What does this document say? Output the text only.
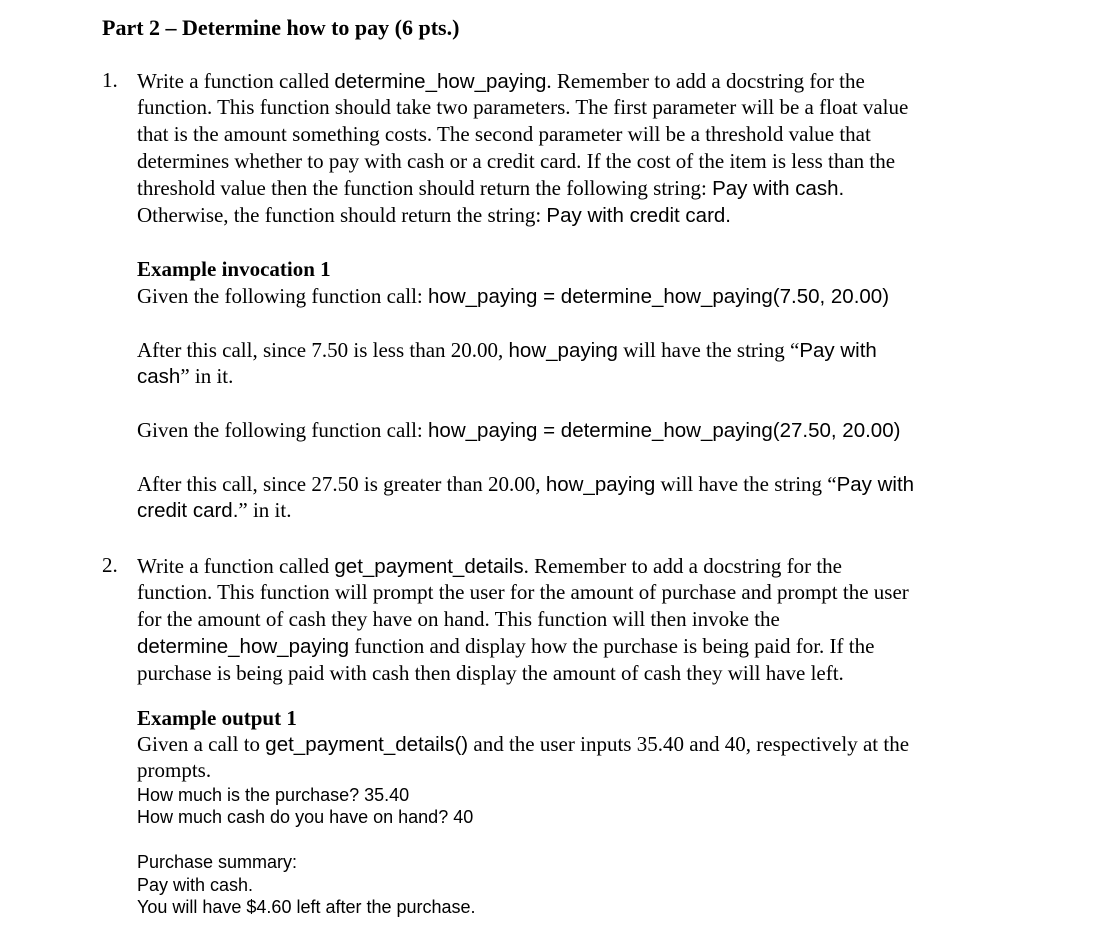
Part 2 – Determine how to pay (6 pts.)
1. Write a function called determine_how_paying. Remember to add a docstring for the
function. This function should take two parameters. The first parameter will be a float value
that is the amount something costs. The second parameter will be a threshold value that
determines whether to pay with cash or a credit card. If the cost of the item is less than the
threshold value then the function should return the following string: Pay with cash.
Otherwise, the function should return the string: Pay with credit card.
Example invocation 1
Given the following function call: how_paying = determine_how_paying(7.50, 20.00)
After this call, since 7.50 is less than 20.00, how_paying will have the string “Pay with
cash” in it.
Given the following function call: how_paying = determine_how_paying(27.50, 20.00)
After this call, since 27.50 is greater than 20.00, how_paying will have the string “Pay with
credit card.” in it.
2. Write a function called get_payment_details. Remember to add a docstring for the
function. This function will prompt the user for the amount of purchase and prompt the user
for the amount of cash they have on hand. This function will then invoke the
determine_how_paying function and display how the purchase is being paid for. If the
purchase is being paid with cash then display the amount of cash they will have left.
Example output 1
Given a call to get_payment_details() and the user inputs 35.40 and 40, respectively at the
prompts.
How much is the purchase? 35.40
How much cash do you have on hand? 40
Purchase summary:
Pay with cash.
You will have $4.60 left after the purchase.
